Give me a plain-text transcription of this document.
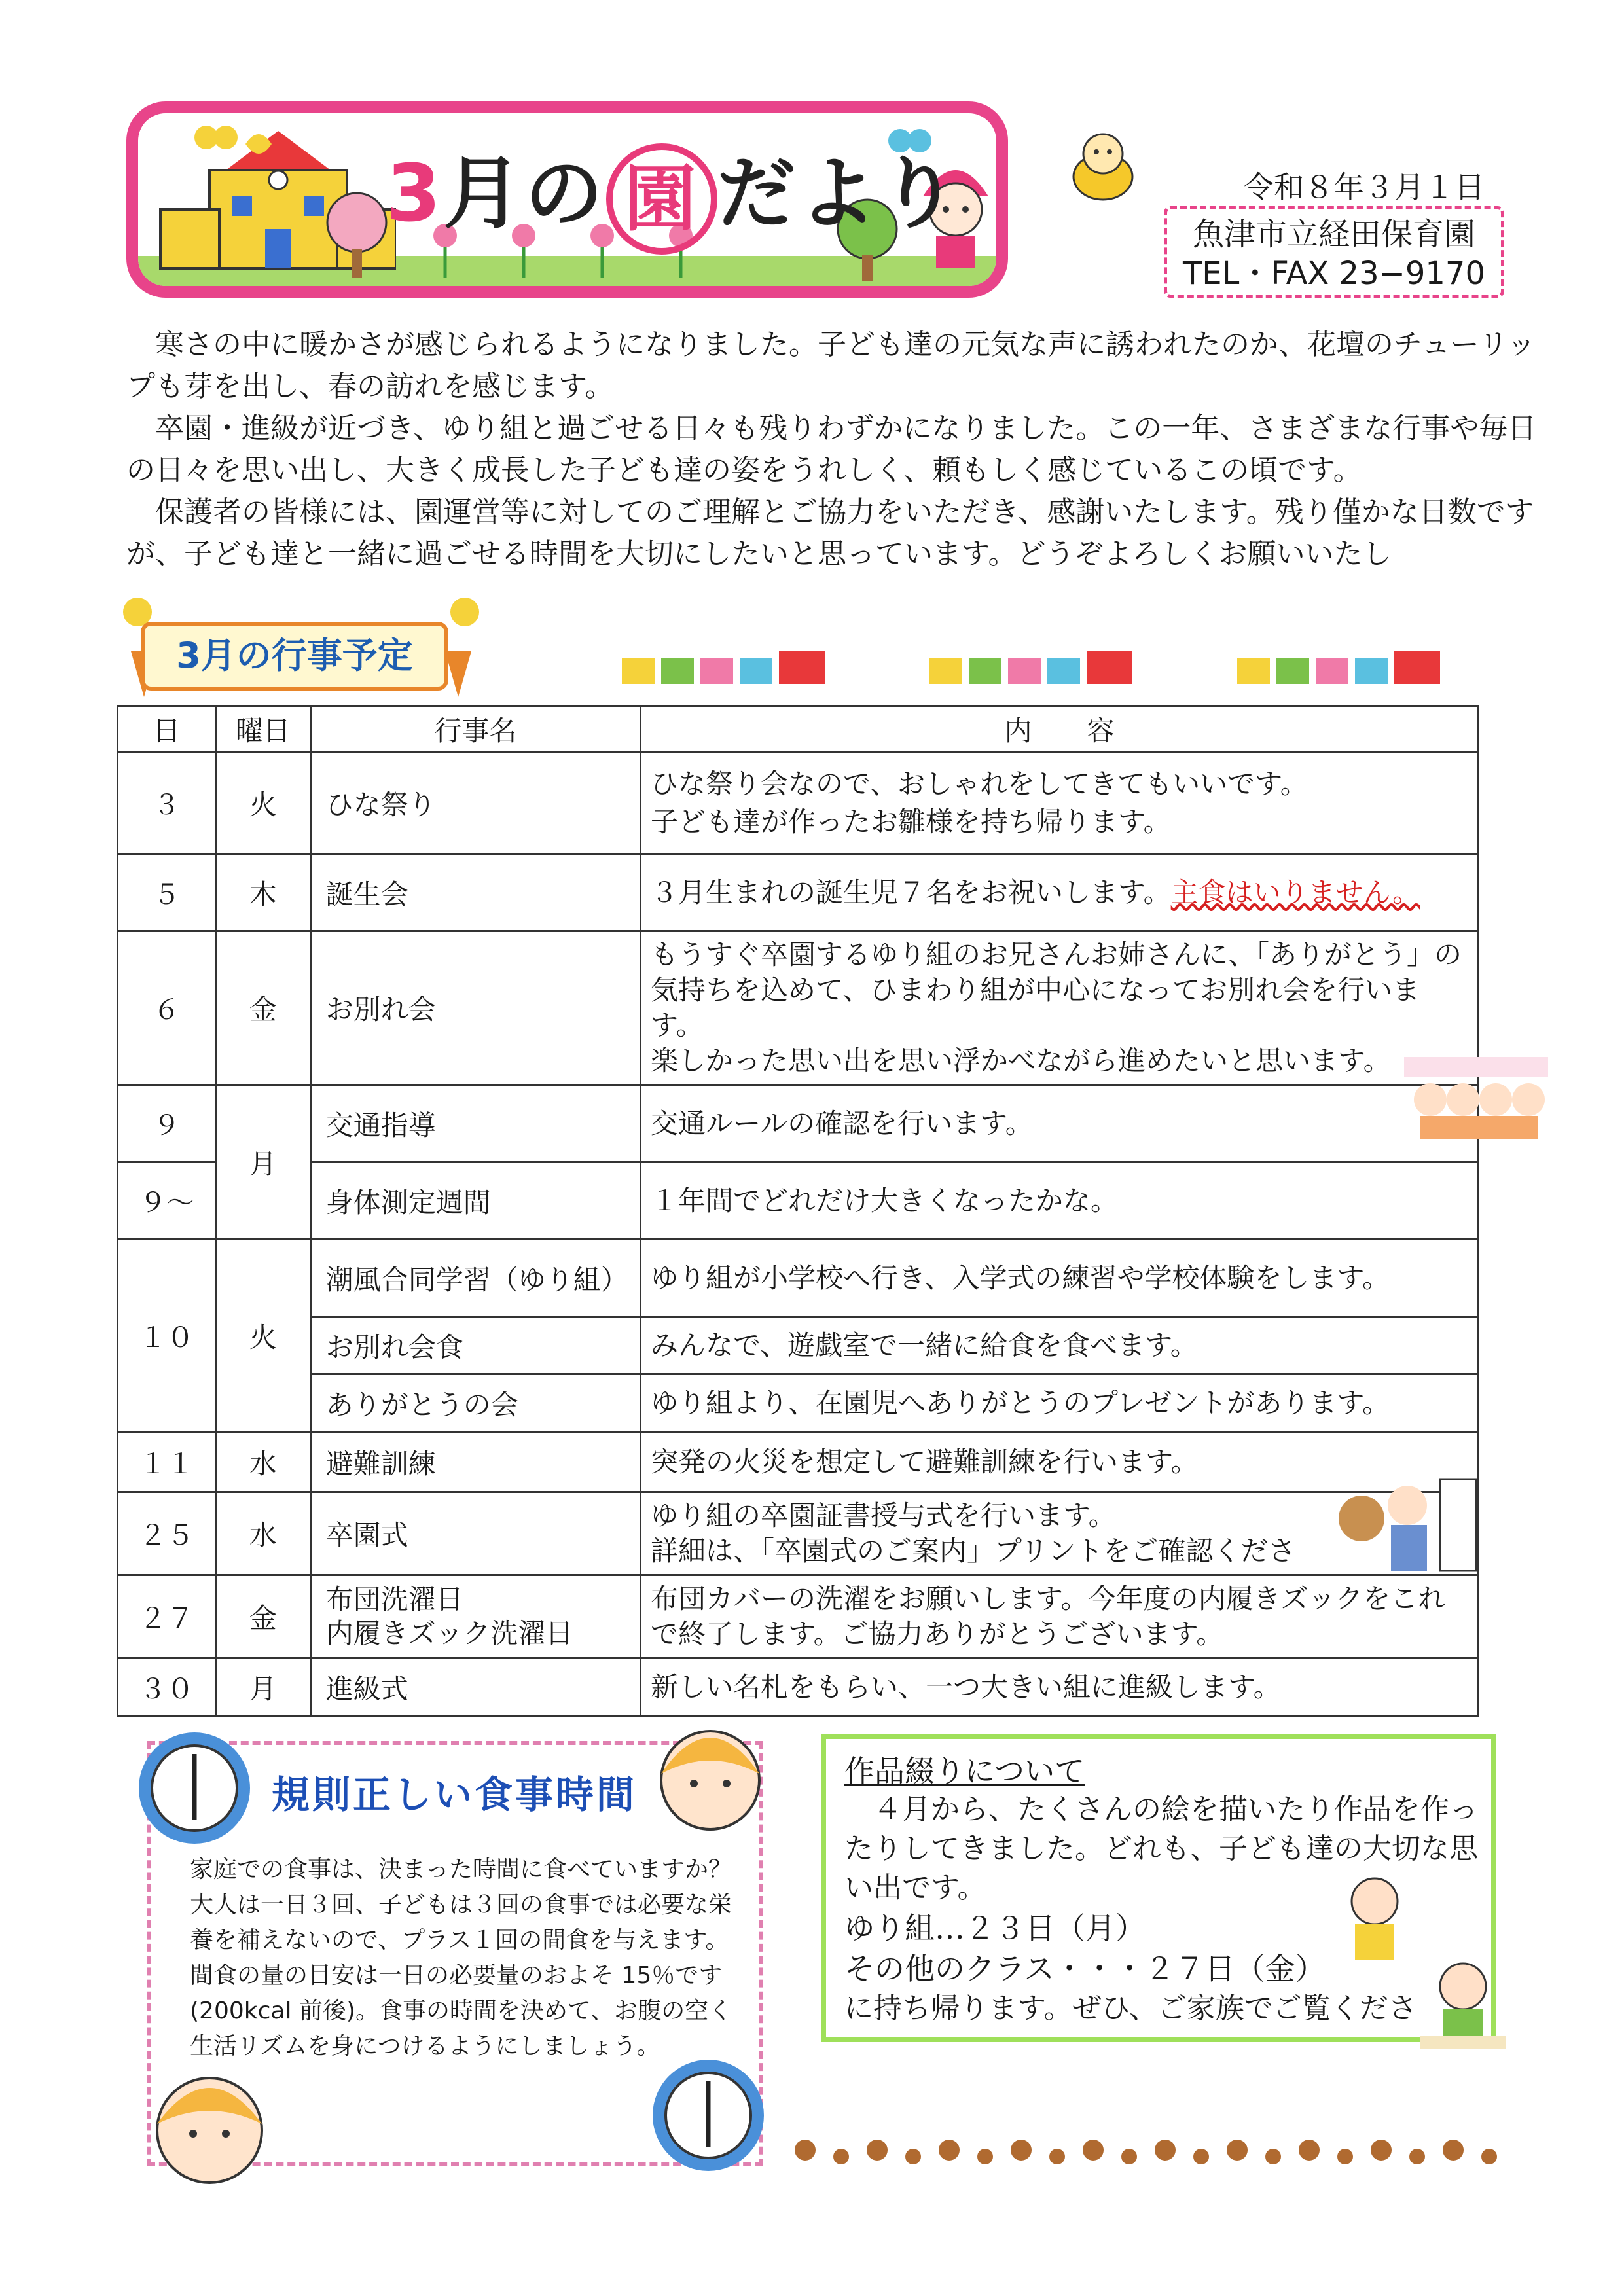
3月の 園 だより	令和８年３月１日
魚津市立経田保育園
TEL・FAX 23−9170

寒さの中に暖かさが感じられるようになりました。子ども達の元気な声に誘われたのか、花壇のチューリップも芽を出し、春の訪れを感じます。

卒園・進級が近づき、ゆり組と過ごせる日々も残りわずかになりました。この一年、さまざまな行事や毎日の日々を思い出し、大きく成長した子ども達の姿をうれしく、頼もしく感じているこの頃です。

保護者の皆様には、園運営等に対してのご理解とご協力をいただき、感謝いたします。残り僅かな日数ですが、子ども達と一緒に過ごせる時間を大切にしたいと思っています。どうぞよろしくお願いいたし

3月の行事予定
日	曜日	行事名	内　　容
３	火	ひな祭り	ひな祭り会なので、おしゃれをしてきてもいいです。
子ども達が作ったお雛様を持ち帰ります。

５	木	誕生会	３月生まれの誕生児７名をお祝いします。主食はいりません。
６	金	お別れ会	もうすぐ卒園するゆり組のお兄さんお姉さんに、「ありがとう」の気持ちを込めて、ひまわり組が中心になってお別れ会を行います。
楽しかった思い出を思い浮かべながら進めたいと思います。

９	月	交通指導	交通ルールの確認を行います。
９〜		身体測定週間	１年間でどれだけ大きくなったかな。
１０	火	潮風合同学習（ゆり組）	ゆり組が小学校へ行き、入学式の練習や学校体験をします。
		お別れ会食	みんなで、遊戯室で一緒に給食を食べます。
		ありがとうの会	ゆり組より、在園児へありがとうのプレゼントがあります。
１１	水	避難訓練	突発の火災を想定して避難訓練を行います。
２５	水	卒園式	ゆり組の卒園証書授与式を行います。
詳細は、「卒園式のご案内」プリントをご確認くださ

２７	金	布団洗濯日
内履きズック洗濯日	布団カバーの洗濯をお願いします。今年度の内履きズックをこれで終了します。ご協力ありがとうございます。
３０	月	進級式	新しい名札をもらい、一つ大きい組に進級します。
規則正しい食事時間
家庭での食事は、決まった時間に食べていますか？大人は一日３回、子どもは３回の食事では必要な栄養を補えないので、プラス１回の間食を与えます。間食の量の目安は一日の必要量のおよそ 15％です(200kcal 前後)。食事の時間を決めて、お腹の空く生活リズムを身につけるようにしましょう。
作品綴りについて
４月から、たくさんの絵を描いたり作品を作ったりしてきました。どれも、子ども達の大切な思い出です。
ゆり組…２３日（月）
その他のクラス・・・２７日（金）
に持ち帰ります。ぜひ、ご家族でご覧くださ
